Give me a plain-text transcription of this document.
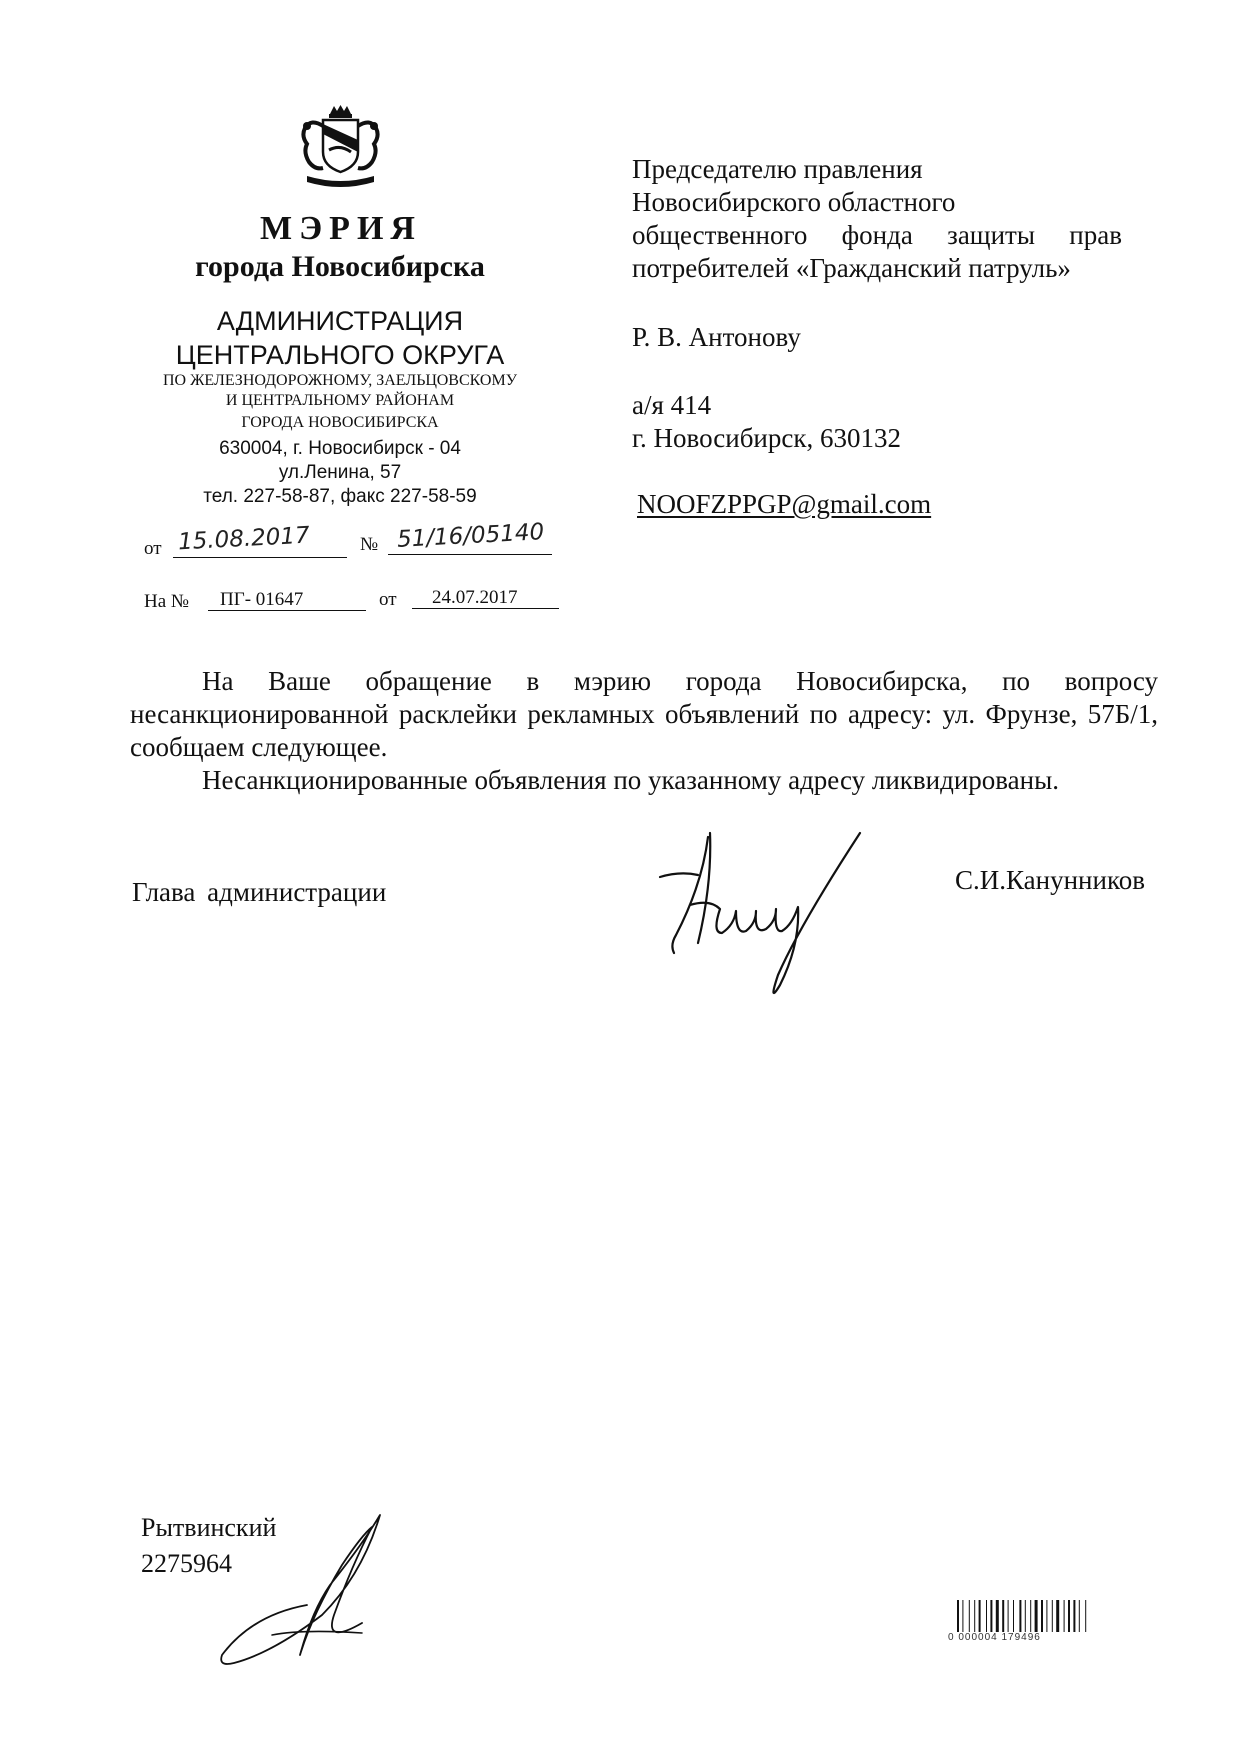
МЭРИЯ
города Новосибирска
АДМИНИСТРАЦИЯ
ЦЕНТРАЛЬНОГО ОКРУГА
ПО ЖЕЛЕЗНОДОРОЖНОМУ, ЗАЕЛЬЦОВСКОМУ
И ЦЕНТРАЛЬНОМУ РАЙОНАМ
ГОРОДА НОВОСИБИРСКА
630004, г. Новосибирск - 04
ул.Ленина, 57
тел. 227-58-87, факс 227-58-59
от 15.08.2017	№ 51/16/05140
На № ПГ- 01647	от 24.07.2017
Председателю правления
Новосибирского областного
общественного фонда защиты прав
потребителей «Гражданский патруль»
Р. В. Антонову
а/я 414
г. Новосибирск, 630132
NOOFZPPGP@gmail.com

На Ваше обращение в мэрию города Новосибирска, по вопросу несанкционированной расклейки рекламных объявлений по адресу: ул. Фрунзе, 57Б/1, сообщаем следующее.

Несанкционированные объявления по указанному адресу ликвидированы.

Глава администрации	С.И.Канунников
Рытвинский
2275964
0 000004 179496
